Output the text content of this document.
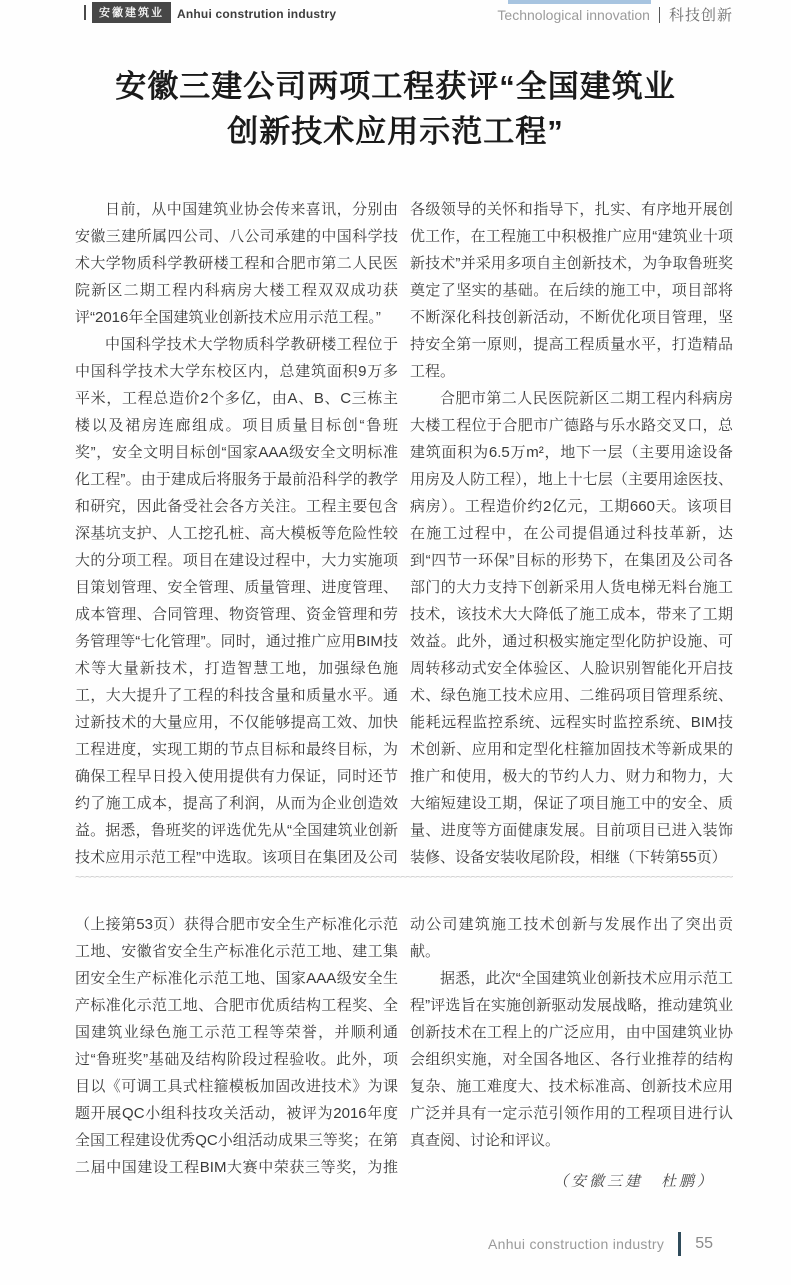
安徽建筑业	Anhui constrution industry	Technological innovation 科技创新
安徽三建公司两项工程获评“全国建筑业
创新技术应用示范工程”

日前，从中国建筑业协会传来喜讯，分别由安徽三建所属四公司、八公司承建的中国科学技术大学物质科学教研楼工程和合肥市第二人民医院新区二期工程内科病房大楼工程双双成功获评“2016年全国建筑业创新技术应用示范工程。”

中国科学技术大学物质科学教研楼工程位于中国科学技术大学东校区内，总建筑面积9万多平米，工程总造价2个多亿，由A、B、C三栋主楼以及裙房连廊组成。项目质量目标创“鲁班奖”，安全文明目标创“国家AAA级安全文明标准化工程”。由于建成后将服务于最前沿科学的教学和研究，因此备受社会各方关注。工程主要包含深基坑支护、人工挖孔桩、高大模板等危险性较大的分项工程。项目在建设过程中，大力实施项目策划管理、安全管理、质量管理、进度管理、成本管理、合同管理、物资管理、资金管理和劳务管理等“七化管理”。同时，通过推广应用BIM技术等大量新技术，打造智慧工地，加强绿色施工，大大提升了工程的科技含量和质量水平。通过新技术的大量应用，不仅能够提高工效、加快工程进度，实现工期的节点目标和最终目标，为确保工程早日投入使用提供有力保证，同时还节约了施工成本，提高了利润，从而为企业创造效益。据悉，鲁班奖的评选优先从“全国建筑业创新技术应用示范工程”中选取。该项目在集团及公司各级领导的关怀和指导下，扎实、有序地开展创优工作，在工程施工中积极推广应用“建筑业十项新技术”并采用多项自主创新技术，为争取鲁班奖奠定了坚实的基础。在后续的施工中，项目部将不断深化科技创新活动，不断优化项目管理，坚持安全第一原则，提高工程质量水平，打造精品工程。

合肥市第二人民医院新区二期工程内科病房大楼工程位于合肥市广德路与乐水路交叉口，总建筑面积为6.5万m²，地下一层（主要用途设备用房及人防工程），地上十七层（主要用途医技、病房）。工程造价约2亿元，工期660天。该项目在施工过程中，在公司提倡通过科技革新，达到“四节一环保”目标的形势下，在集团及公司各部门的大力支持下创新采用人货电梯无料台施工技术，该技术大大降低了施工成本，带来了工期效益。此外，通过积极实施定型化防护设施、可周转移动式安全体验区、人脸识别智能化开启技术、绿色施工技术应用、二维码项目管理系统、能耗远程监控系统、远程实时监控系统、BIM技术创新、应用和定型化柱箍加固技术等新成果的推广和使用，极大的节约人力、财力和物力，大大缩短建设工期，保证了项目施工中的安全、质量、进度等方面健康发展。目前项目已进入装饰装修、设备安装收尾阶段，相继（下转第55页）

~~~~~

（上接第53页）获得合肥市安全生产标准化示范工地、安徽省安全生产标准化示范工地、建工集团安全生产标准化示范工地、国家AAA级安全生产标准化示范工地、合肥市优质结构工程奖、全国建筑业绿色施工示范工程等荣誉，并顺利通过“鲁班奖”基础及结构阶段过程验收。此外，项目以《可调工具式柱箍模板加固改进技术》为课题开展QC小组科技攻关活动，被评为2016年度全国工程建设优秀QC小组活动成果三等奖；在第二届中国建设工程BIM大赛中荣获三等奖，为推动公司建筑施工技术创新与发展作出了突出贡献。

据悉，此次“全国建筑业创新技术应用示范工程”评选旨在实施创新驱动发展战略，推动建筑业创新技术在工程上的广泛应用，由中国建筑业协会组织实施，对全国各地区、各行业推荐的结构复杂、施工难度大、技术标准高、创新技术应用广泛并具有一定示范引领作用的工程项目进行认真查阅、讨论和评议。

（安徽三建　杜鹏）

Anhui construction industry 55
